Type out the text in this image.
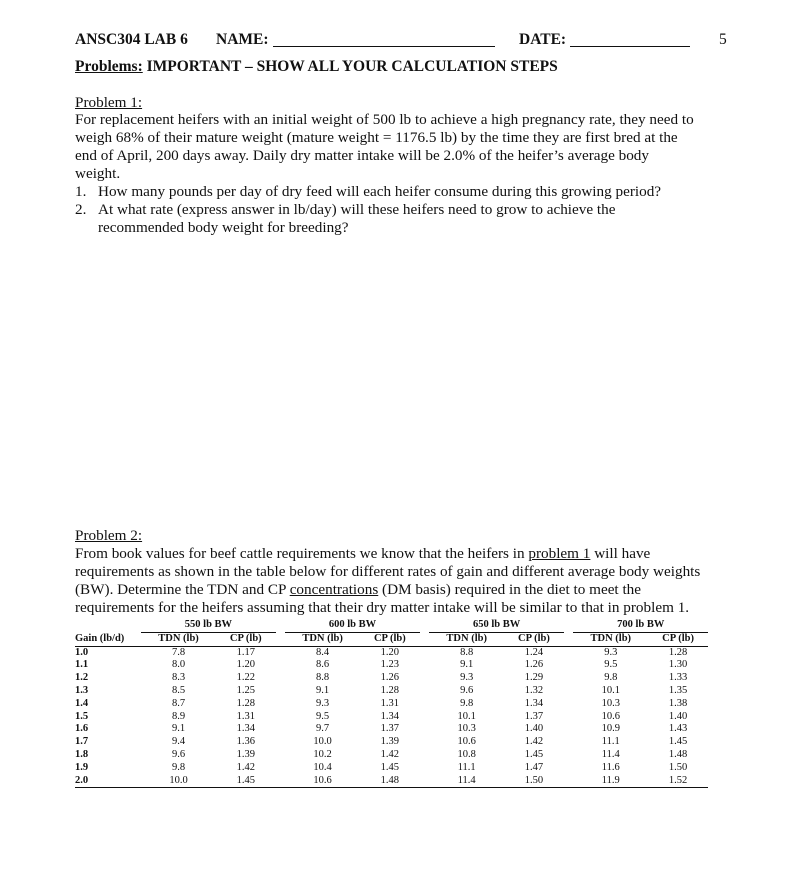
ANSC304 LAB 6 NAME:	DATE:	5
Problems: IMPORTANT – SHOW ALL YOUR CALCULATION STEPS
Problem 1:
For replacement heifers with an initial weight of 500 lb to achieve a high pregnancy rate, they need to
weigh 68% of their mature weight (mature weight = 1176.5 lb) by the time they are first bred at the
end of April, 200 days away. Daily dry matter intake will be 2.0% of the heifer’s average body
weight.
1. How many pounds per day of dry feed will each heifer consume during this growing period?
2. At what rate (express answer in lb/day) will these heifers need to grow to achieve the
recommended body weight for breeding?
Problem 2:
From book values for beef cattle requirements we know that the heifers in problem 1 will have
requirements as shown in the table below for different rates of gain and different average body weights
(BW). Determine the TDN and CP concentrations (DM basis) required in the diet to meet the
requirements for the heifers assuming that their dry matter intake will be similar to that in problem 1.
	550 lb BW			600 lb BW			650 lb BW			700 lb BW	
Gain (lb/d)	TDN (lb)	CP (lb)		TDN (lb)	CP (lb)		TDN (lb)	CP (lb)		TDN (lb)	CP (lb)
1.0	7.8	1.17		8.4	1.20		8.8	1.24		9.3	1.28
1.1	8.0	1.20		8.6	1.23		9.1	1.26		9.5	1.30
1.2	8.3	1.22		8.8	1.26		9.3	1.29		9.8	1.33
1.3	8.5	1.25		9.1	1.28		9.6	1.32		10.1	1.35
1.4	8.7	1.28		9.3	1.31		9.8	1.34		10.3	1.38
1.5	8.9	1.31		9.5	1.34		10.1	1.37		10.6	1.40
1.6	9.1	1.34		9.7	1.37		10.3	1.40		10.9	1.43
1.7	9.4	1.36		10.0	1.39		10.6	1.42		11.1	1.45
1.8	9.6	1.39		10.2	1.42		10.8	1.45		11.4	1.48
1.9	9.8	1.42		10.4	1.45		11.1	1.47		11.6	1.50
2.0	10.0	1.45		10.6	1.48		11.4	1.50		11.9	1.52
